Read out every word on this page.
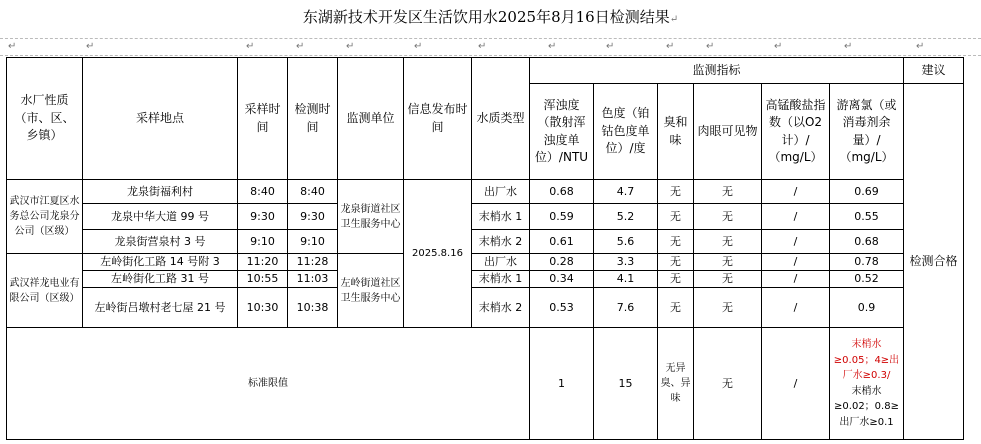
东湖新技术开发区生活饮用水2025年8月16日检测结果↵
↵	↵	↵	↵	↵	↵	↵	↵	↵	↵	↵	↵	↵	↵
水厂性质（市、区、乡镇）	采样地点	采样时间	检测时间	监测单位	信息发布时间	水质类型	监测指标						建议
							浑浊度（散射浑浊度单位）/NTU	色度（铂钴色度单位）/度	臭和味	肉眼可见物	高锰酸盐指数（以O2计）/（mg/L）	游离氯（或消毒剂余量）/（mg/L）	检测合格
武汉市江夏区水务总公司龙泉分公司（区级）	龙泉街福利村	8:40	8:40	龙泉街道社区卫生服务中心	2025.8.16	出厂水	0.68	4.7	无	无	/	0.69	
	龙泉中华大道 99 号	9:30	9:30			末梢水 1	0.59	5.2	无	无	/	0.55	
	龙泉街营泉村 3 号	9:10	9:10			末梢水 2	0.61	5.6	无	无	/	0.68	
武汉祥龙电业有限公司（区级）	左岭街化工路 14 号附 3	11:20	11:28	左岭街道社区卫生服务中心		出厂水	0.28	3.3	无	无	/	0.78	
	左岭街化工路 31 号	10:55	11:03			末梢水 1	0.34	4.1	无	无	/	0.52	
	左岭街吕墩村老七屋 21 号	10:30	10:38			末梢水 2	0.53	7.6	无	无	/	0.9	
标准限值							1	15	无异臭、异味	无	/	末梢水≥0.05；4≥出厂水≥0.3/
末梢水≥0.02；0.8≥出厂水≥0.1	
